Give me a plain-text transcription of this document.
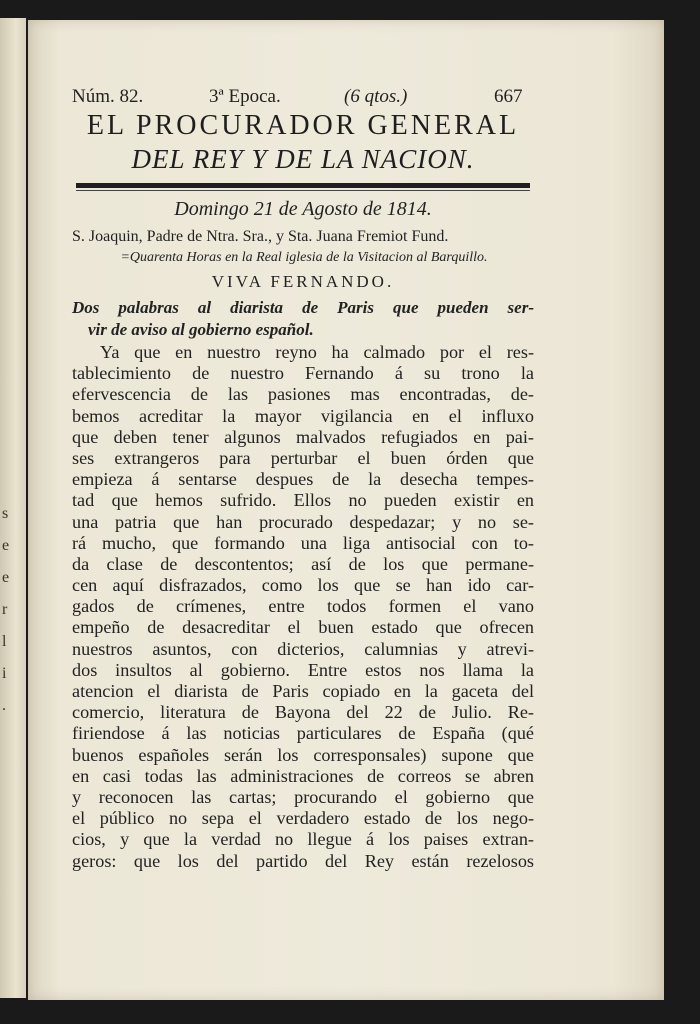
s
e
e
r
l
i
.
Núm. 82.	3ª Epoca.	(6 qtos.)	667
EL PROCURADOR GENERAL
DEL REY Y DE LA NACION.
Domingo 21 de Agosto de 1814.
S. Joaquin, Padre de Ntra. Sra., y Sta. Juana Fremiot Fund.
=Quarenta Horas en la Real iglesia de la Visitacion al Barquillo.
VIVA FERNANDO.
Dos palabras al diarista de Paris que pueden ser-
vir de aviso al gobierno español.
Ya que en nuestro reyno ha calmado por el res-
tablecimiento de nuestro Fernando á su trono la
efervescencia de las pasiones mas encontradas, de-
bemos acreditar la mayor vigilancia en el influxo
que deben tener algunos malvados refugiados en pai-
ses extrangeros para perturbar el buen órden que
empieza á sentarse despues de la desecha tempes-
tad que hemos sufrido. Ellos no pueden existir en
una patria que han procurado despedazar; y no se-
rá mucho, que formando una liga antisocial con to-
da clase de descontentos; así de los que permane-
cen aquí disfrazados, como los que se han ido car-
gados de crímenes, entre todos formen el vano
empeño de desacreditar el buen estado que ofrecen
nuestros asuntos, con dicterios, calumnias y atrevi-
dos insultos al gobierno. Entre estos nos llama la
atencion el diarista de Paris copiado en la gaceta del
comercio, literatura de Bayona del 22 de Julio. Re-
firiendose á las noticias particulares de España (qué
buenos españoles serán los corresponsales) supone que
en casi todas las administraciones de correos se abren
y reconocen las cartas; procurando el gobierno que
el público no sepa el verdadero estado de los nego-
cios, y que la verdad no llegue á los paises extran-
geros: que los del partido del Rey están rezelosos
